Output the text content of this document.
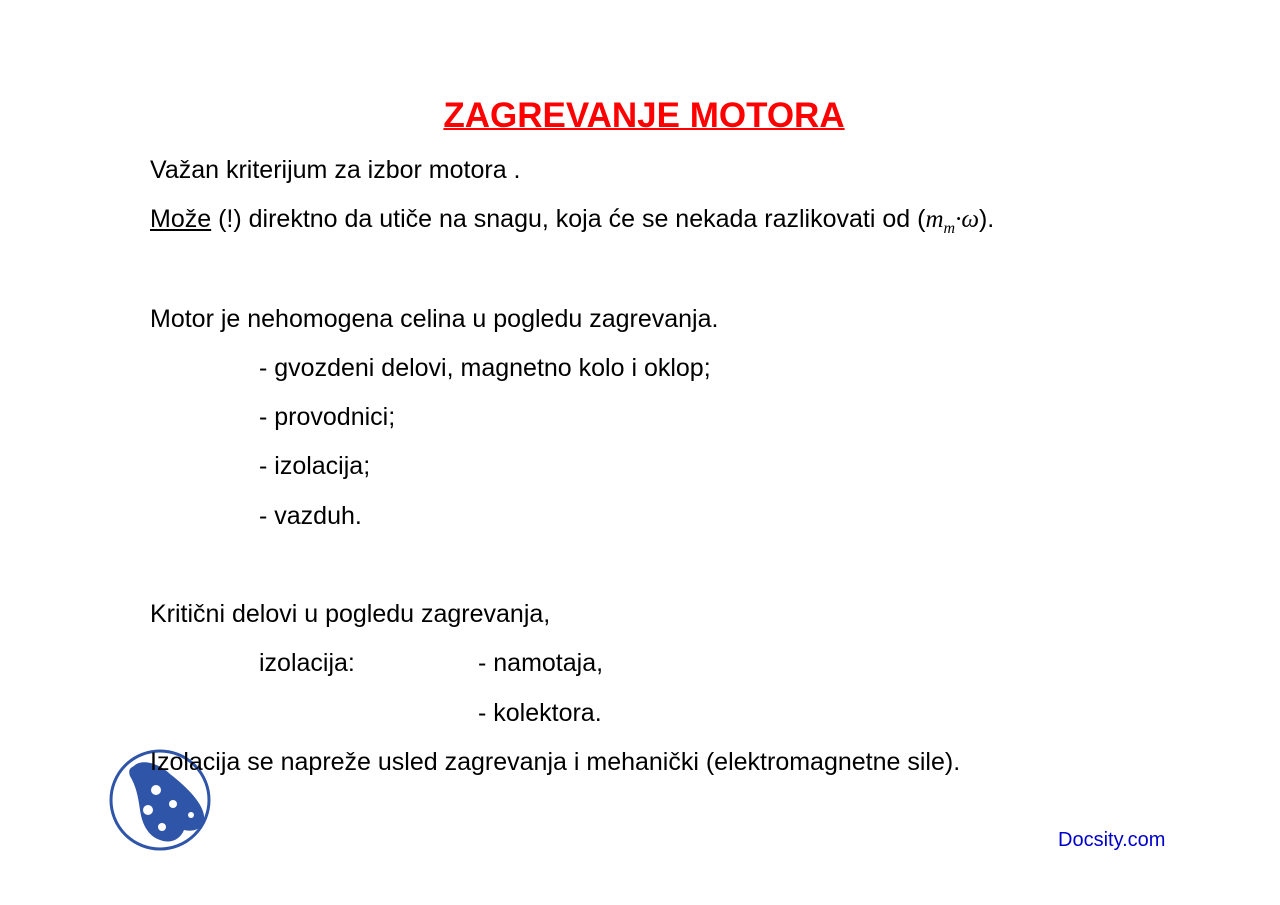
ZAGREVANJE MOTORA
Važan kriterijum za izbor motora .
Može (!) direktno da utiče na snagu, koja će se nekada razlikovati od $(m_m\cdot\omega)$.
Motor je nehomogena celina u pogledu zagrevanja.
- gvozdeni delovi, magnetno kolo i oklop;
- provodnici;
- izolacija;
- vazduh.
Kritični delovi u pogledu zagrevanja,
izolacija:	- namotaja,
- kolektora.
Izolacija se napreže usled zagrevanja i mehanički (elektromagnetne sile).
Docsity.com
